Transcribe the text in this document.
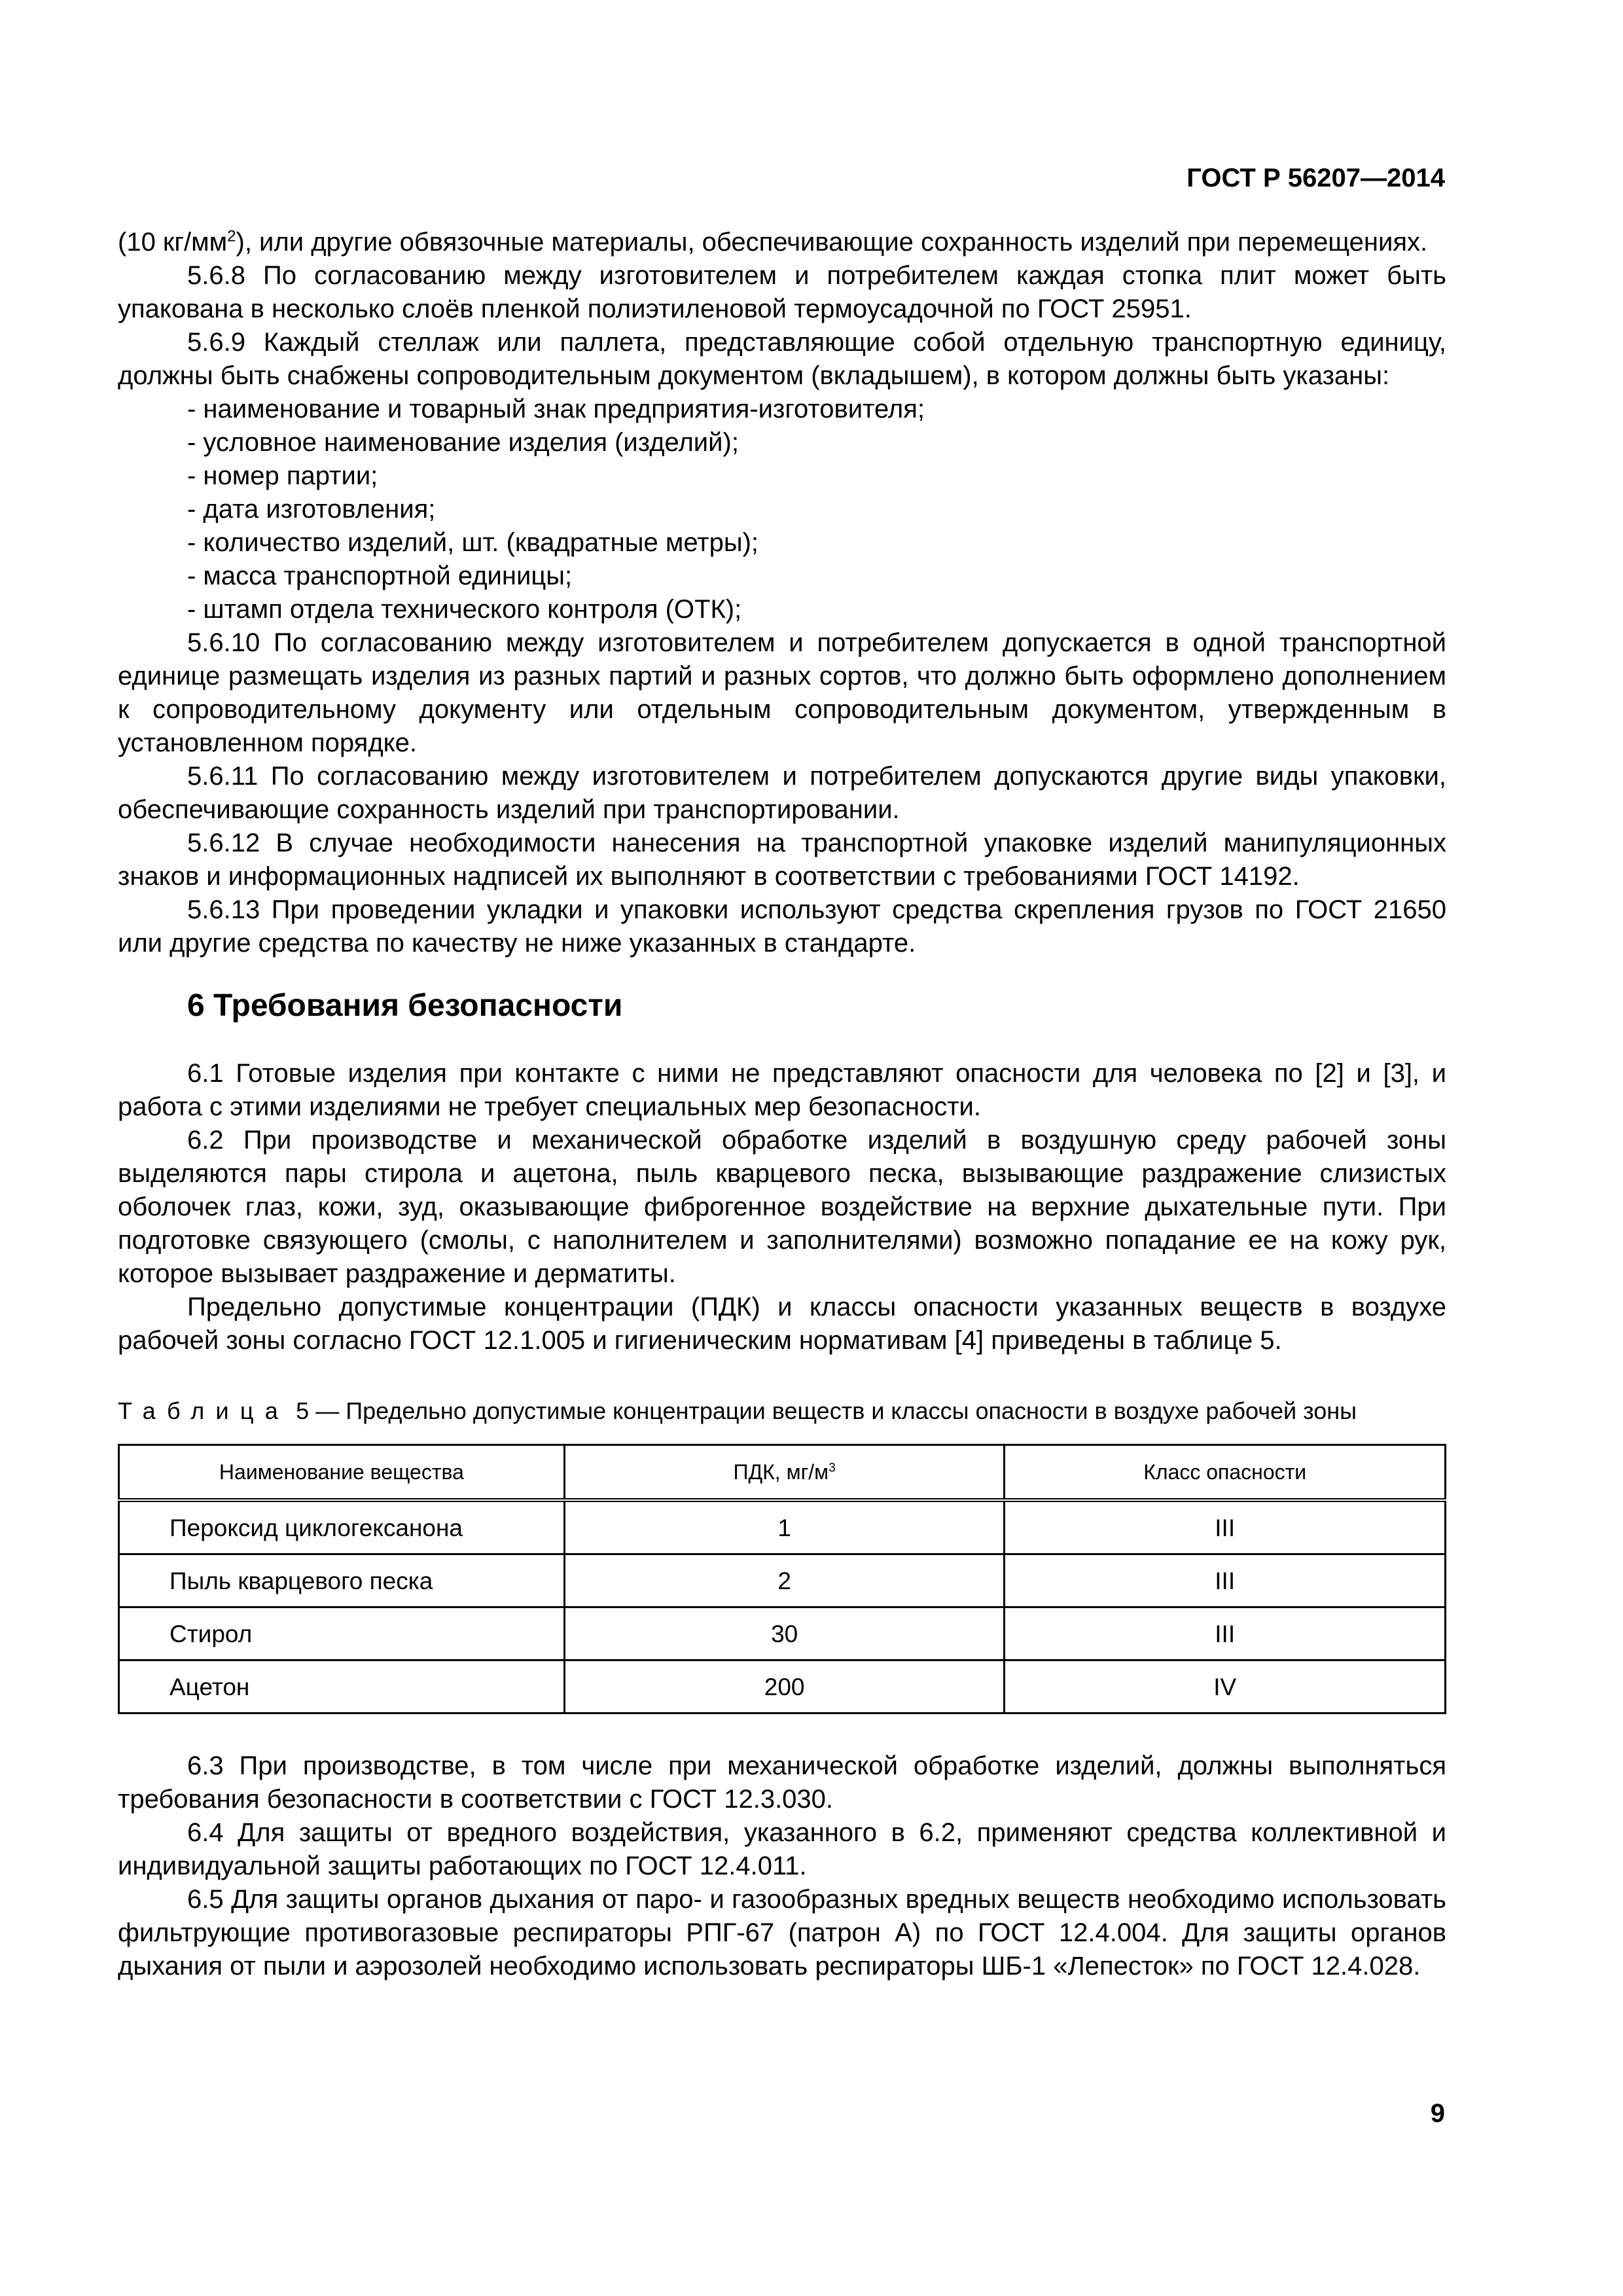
ГОСТ Р 56207—2014

(10 $кг/мм^2$), или другие обвязочные материалы, обеспечивающие сохранность изделий при перемещениях.

5.6.8 По согласованию между изготовителем и потребителем каждая стопка плит может быть упакована в несколько слоёв пленкой полиэтиленовой термоусадочной по ГОСТ 25951.

5.6.9 Каждый стеллаж или паллета, представляющие собой отдельную транспортную единицу, должны быть снабжены сопроводительным документом (вкладышем), в котором должны быть указаны:

- наименование и товарный знак предприятия-изготовителя;

- условное наименование изделия (изделий);

- номер партии;

- дата изготовления;

- количество изделий, шт. (квадратные метры);

- масса транспортной единицы;

- штамп отдела технического контроля (ОТК);

5.6.10 По согласованию между изготовителем и потребителем допускается в одной транспортной единице размещать изделия из разных партий и разных сортов, что должно быть оформлено дополнением к сопроводительному документу или отдельным сопроводительным документом, утвержденным в установленном порядке.

5.6.11 По согласованию между изготовителем и потребителем допускаются другие виды упаковки, обеспечивающие сохранность изделий при транспортировании.

5.6.12 В случае необходимости нанесения на транспортной упаковке изделий манипуляционных знаков и информационных надписей их выполняют в соответствии с требованиями ГОСТ 14192.

5.6.13 При проведении укладки и упаковки используют средства скрепления грузов по ГОСТ 21650 или другие средства по качеству не ниже указанных в стандарте.

6 Требования безопасности

6.1 Готовые изделия при контакте с ними не представляют опасности для человека по [2] и [3], и работа с этими изделиями не требует специальных мер безопасности.

6.2 При производстве и механической обработке изделий в воздушную среду рабочей зоны выделяются пары стирола и ацетона, пыль кварцевого песка, вызывающие раздражение слизистых оболочек глаз, кожи, зуд, оказывающие фиброгенное воздействие на верхние дыхательные пути. При подготовке связующего (смолы, с наполнителем и заполнителями) возможно попадание ее на кожу рук, которое вызывает раздражение и дерматиты.

Предельно допустимые концентрации (ПДК) и классы опасности указанных веществ в воздухе рабочей зоны согласно ГОСТ 12.1.005 и гигиеническим нормативам [4] приведены в таблице 5.

Таблица 5 — Предельно допустимые концентрации веществ и классы опасности в воздухе рабочей зоны
Наименование вещества	ПДК, $мг/м^3$	Класс опасности
Пероксид циклогексанона	1	III
Пыль кварцевого песка	2	III
Стирол	30	III
Ацетон	200	IV

6.3 При производстве, в том числе при механической обработке изделий, должны выполняться требования безопасности в соответствии с ГОСТ 12.3.030.

6.4 Для защиты от вредного воздействия, указанного в 6.2, применяют средства коллективной и индивидуальной защиты работающих по ГОСТ 12.4.011.

6.5 Для защиты органов дыхания от паро- и газообразных вредных веществ необходимо использовать фильтрующие противогазовые респираторы РПГ-67 (патрон А) по ГОСТ 12.4.004. Для защиты органов дыхания от пыли и аэрозолей необходимо использовать респираторы ШБ-1 «Лепесток» по ГОСТ 12.4.028.

9
